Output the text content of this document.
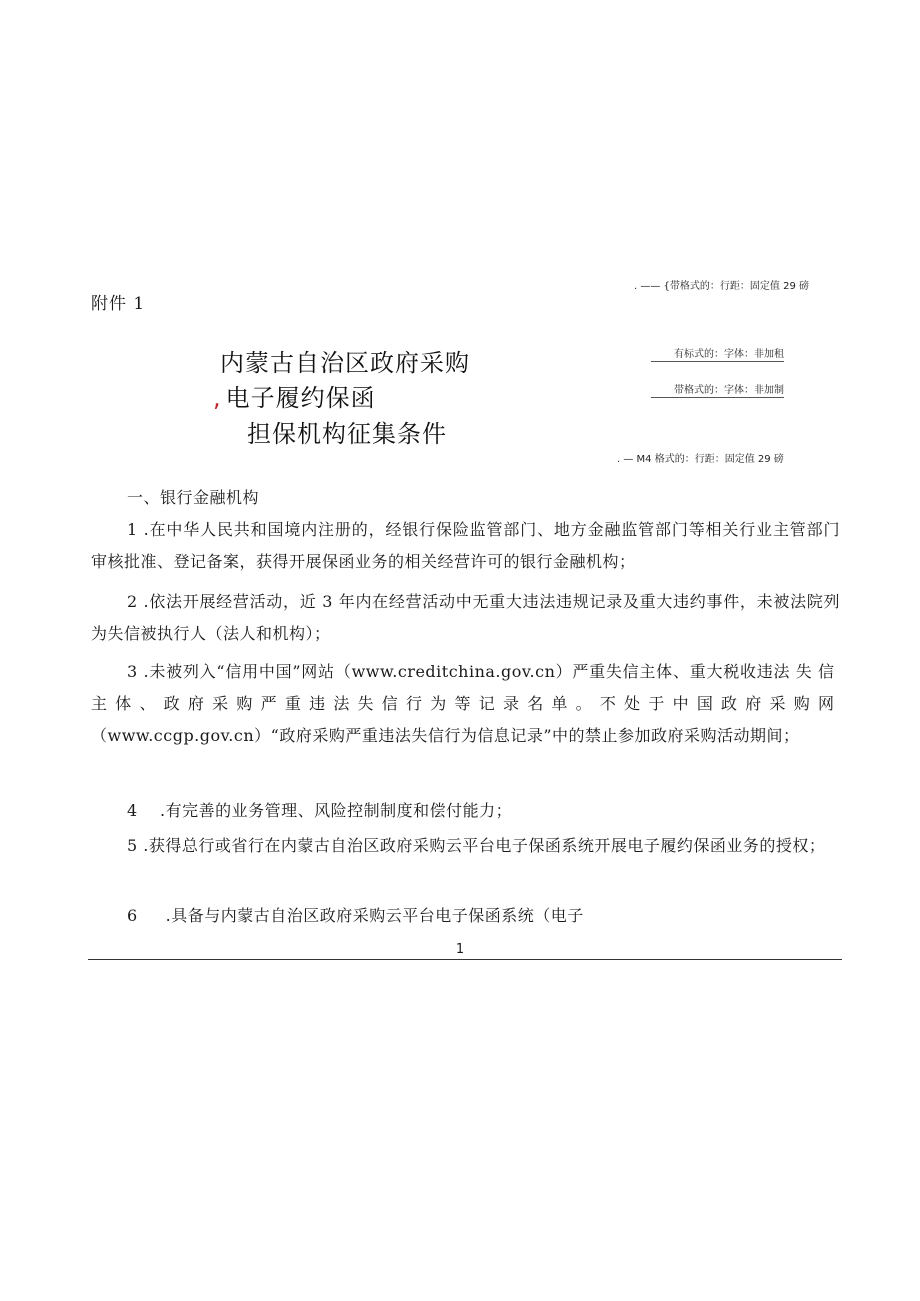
附件 1
. —— {带格式的：行距：固定值 29 磅
有标式的：字体：非加租
带格式的：字体：非加制
. — M4 格式的：行距：固定值 29 磅
内蒙古自治区政府采购
, 电子履约保函
担保机构征集条件
一、银行金融机构
1 .在中华人民共和国境内注册的，经银行保险监管部门、地方金融监管部门等相关行业主管部门审核批准、登记备案，获得开展保函业务的相关经营许可的银行金融机构；
2 .依法开展经营活动，近 3 年内在经营活动中无重大违法违规记录及重大违约事件，未被法院列为失信被执行人（法人和机构）；
3 .未被列入“信用中国”网站（www.creditchina.gov.cn）严重失信主体、重大税收违法失信主体、政府采购严重违法失信行为等记录名单。不处于中国政府采购网（www.ccgp.gov.cn）“政府采购严重违法失信行为信息记录”中的禁止参加政府采购活动期间；
4    .有完善的业务管理、风险控制制度和偿付能力；
5 .获得总行或省行在内蒙古自治区政府采购云平台电子保函系统开展电子履约保函业务的授权；
6     .具备与内蒙古自治区政府采购云平台电子保函系统（电子
1
